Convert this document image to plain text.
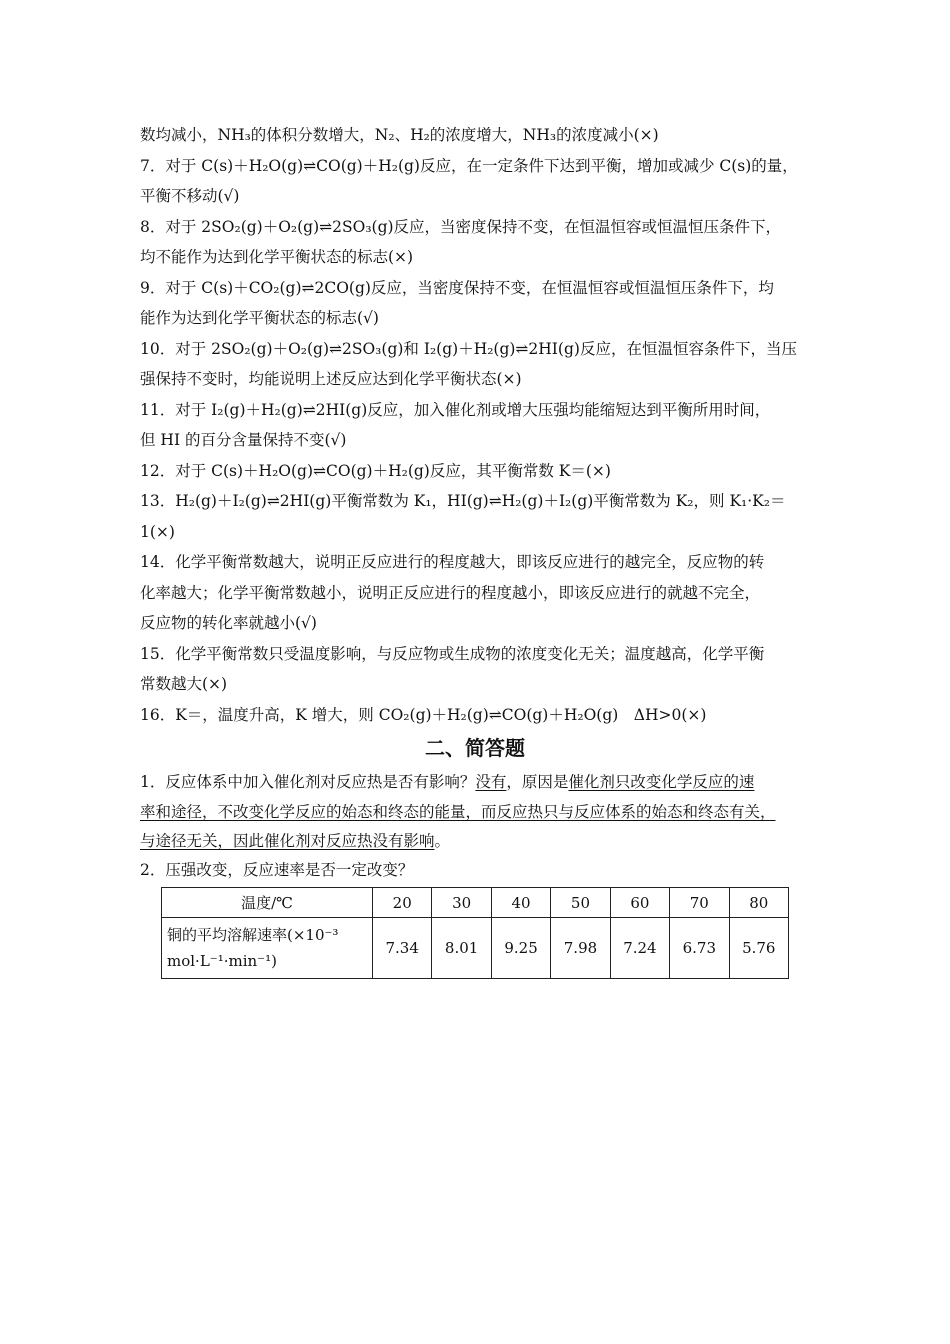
数均减小，NH₃的体积分数增大，N₂、H₂的浓度增大，NH₃的浓度减小(×)
7．对于 C(s)＋H₂O(g)⇌CO(g)＋H₂(g)反应，在一定条件下达到平衡，增加或减少 C(s)的量，
平衡不移动(√)
8．对于 2SO₂(g)＋O₂(g)⇌2SO₃(g)反应，当密度保持不变，在恒温恒容或恒温恒压条件下，
均不能作为达到化学平衡状态的标志(×)
9．对于 C(s)＋CO₂(g)⇌2CO(g)反应，当密度保持不变，在恒温恒容或恒温恒压条件下，均
能作为达到化学平衡状态的标志(√)
10．对于 2SO₂(g)＋O₂(g)⇌2SO₃(g)和 I₂(g)＋H₂(g)⇌2HI(g)反应，在恒温恒容条件下，当压
强保持不变时，均能说明上述反应达到化学平衡状态(×)
11．对于 I₂(g)＋H₂(g)⇌2HI(g)反应，加入催化剂或增大压强均能缩短达到平衡所用时间，
但 HI 的百分含量保持不变(√)
12．对于 C(s)＋H₂O(g)⇌CO(g)＋H₂(g)反应，其平衡常数 K＝(×)
13．H₂(g)＋I₂(g)⇌2HI(g)平衡常数为 K₁，HI(g)⇌H₂(g)＋I₂(g)平衡常数为 K₂，则 K₁·K₂＝
1(×)
14．化学平衡常数越大，说明正反应进行的程度越大，即该反应进行的越完全，反应物的转
化率越大；化学平衡常数越小，说明正反应进行的程度越小，即该反应进行的就越不完全，
反应物的转化率就越小(√)
15．化学平衡常数只受温度影响，与反应物或生成物的浓度变化无关；温度越高，化学平衡
常数越大(×)
16．K＝，温度升高，K 增大，则 CO₂(g)＋H₂(g)⇌CO(g)＋H₂O(g)　ΔH>0(×)
二、简答题
1．反应体系中加入催化剂对反应热是否有影响？没有，原因是催化剂只改变化学反应的速
率和途径，不改变化学反应的始态和终态的能量，而反应热只与反应体系的始态和终态有关，
与途径无关，因此催化剂对反应热没有影响。
2．压强改变，反应速率是否一定改变？
温度/℃	20	30	40	50	60	70	80

铜的平均溶解速率(×10⁻³
mol·L⁻¹·min⁻¹)	7.34	8.01	9.25	7.98	7.24	6.73	5.76
